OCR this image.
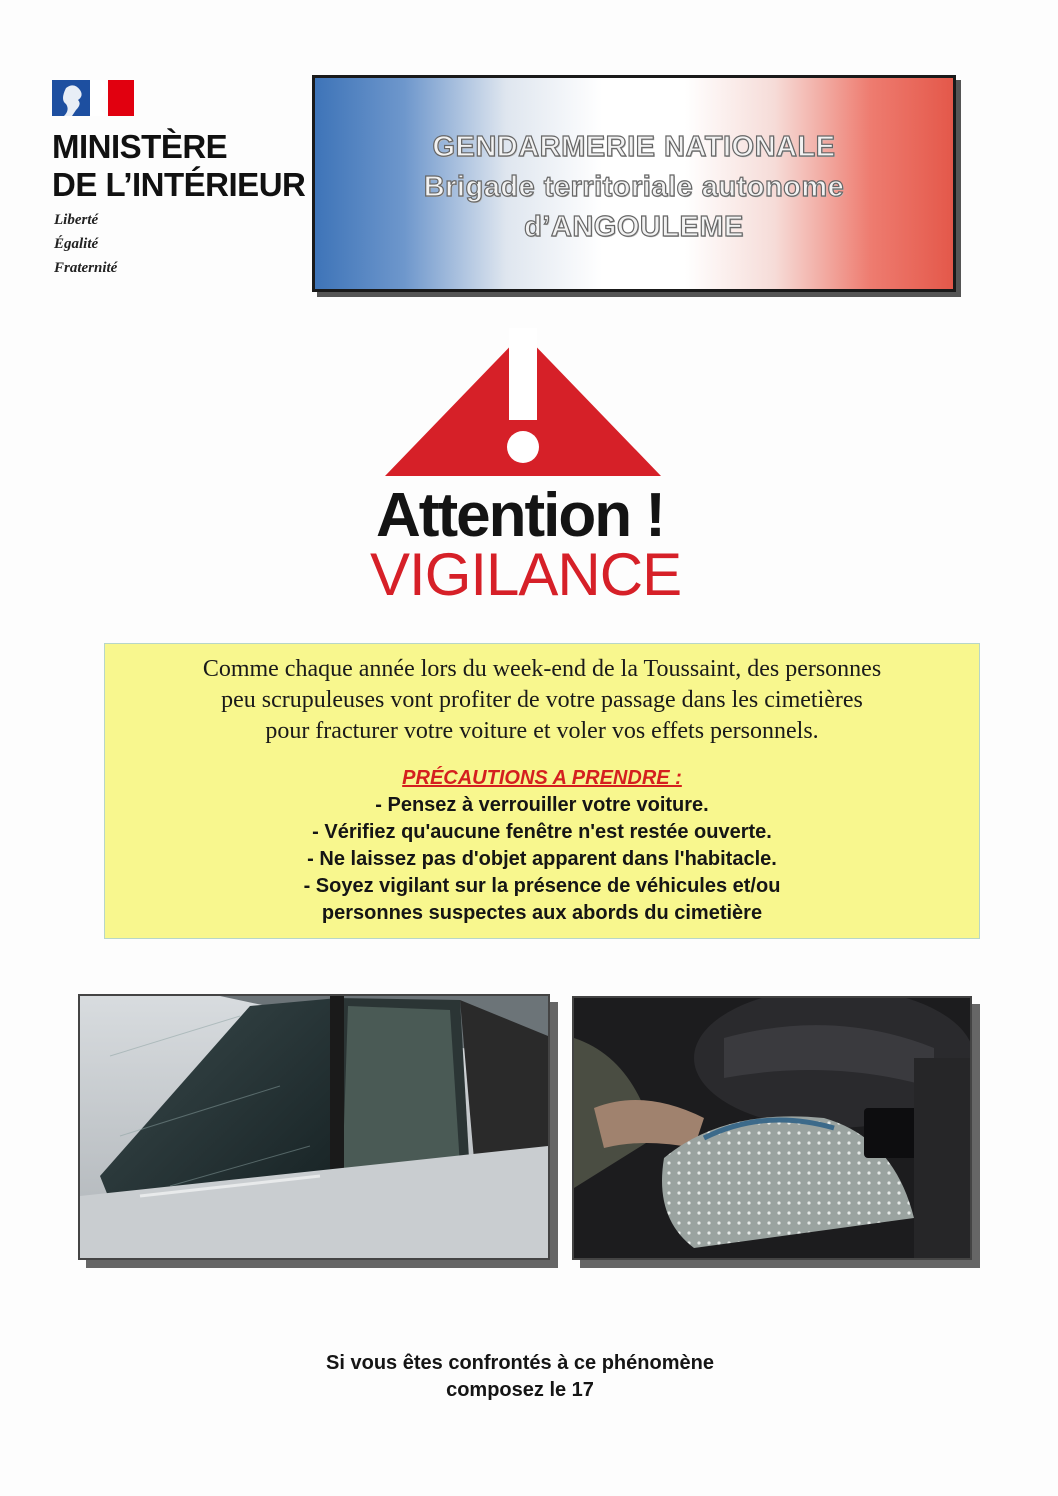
MINISTÈRE
DE L’INTÉRIEUR
Liberté
Égalité
Fraternité
GENDARMERIE NATIONALE
Brigade territoriale autonome
d’ANGOULEME
Attention !
VIGILANCE
Comme chaque année lors du week-end de la Toussaint, des personnes
peu scrupuleuses vont profiter de votre passage dans les cimetières
pour fracturer votre voiture et voler vos effets personnels.
PRÉCAUTIONS A PRENDRE :
- Pensez à verrouiller votre voiture.
- Vérifiez qu'aucune fenêtre n'est restée ouverte.
- Ne laissez pas d'objet apparent dans l'habitacle.
- Soyez vigilant sur la présence de véhicules et/ou
personnes suspectes aux abords du cimetière
Si vous êtes confrontés à ce phénomène
composez le 17
